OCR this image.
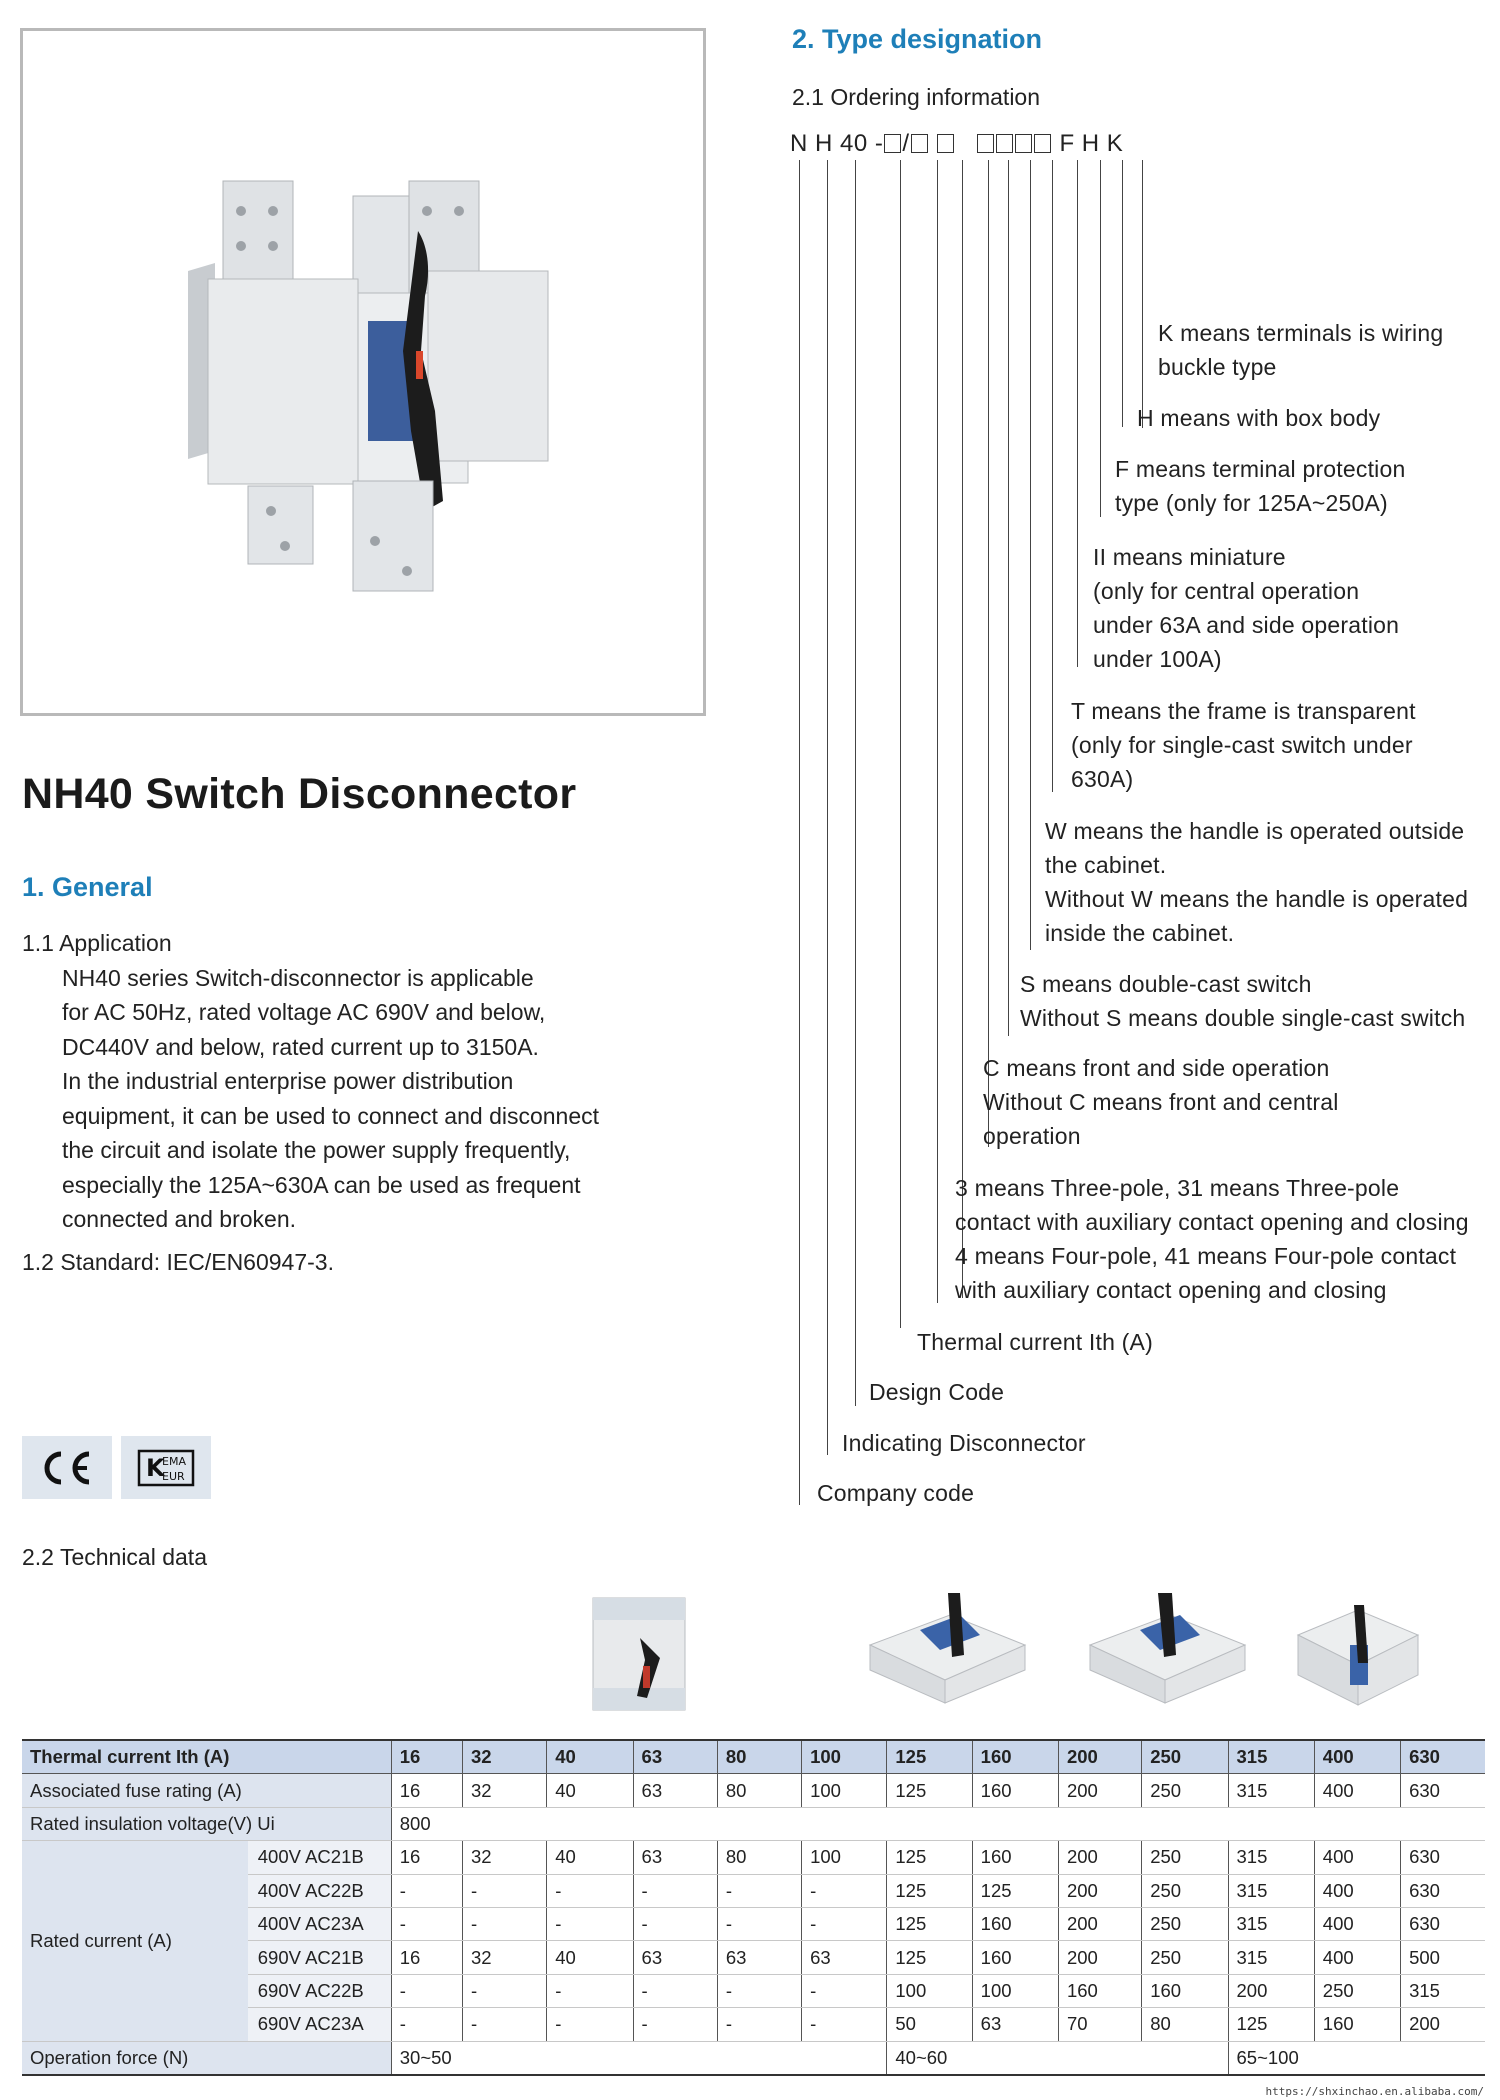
NH40 Switch Disconnector
1. General
1.1 Application
NH40 series Switch-disconnector is applicable
for AC 50Hz, rated voltage AC 690V and below,
DC440V and below, rated current up to 3150A.
In the industrial enterprise power distribution
equipment, it can be used to connect and disconnect
the circuit and isolate the power supply frequently,
especially the 125A~630A can be used as frequent
connected and broken.
1.2 Standard: IEC/EN60947-3.
K
EMA
EUR
2. Type designation
2.1 Ordering information
N H 40 - /	F H K
K means terminals is wiring
buckle type
H means with box body
F means terminal protection
type (only for 125A~250A)
II means miniature
(only for central operation
under 63A and side operation
under 100A)
T means the frame is transparent
(only for single-cast switch under
630A)
W means the handle is operated outside
the cabinet.
Without W means the handle is operated
inside the cabinet.
S means double-cast switch
Without S means double single-cast switch
C means front and side operation
Without C means front and central
operation
3 means Three-pole, 31 means Three-pole
contact with auxiliary contact opening and closing
4 means Four-pole, 41 means Four-pole contact
with auxiliary contact opening and closing
Thermal current Ith (A)
Design Code
Indicating Disconnector
Company code
2.2 Technical data
Thermal current Ith (A)		16	32	40	63	80	100	125	160	200	250	315	400	630
Associated fuse rating (A)		16	32	40	63	80	100	125	160	200	250	315	400	630
Rated insulation voltage(V) Ui		800												
Rated current (A)	400V AC21B	16	32	40	63	80	100	125	160	200	250	315	400	630
	400V AC22B	-	-	-	-	-	-	125	125	200	250	315	400	630
	400V AC23A	-	-	-	-	-	-	125	160	200	250	315	400	630
	690V AC21B	16	32	40	63	63	63	125	160	200	250	315	400	500
	690V AC22B	-	-	-	-	-	-	100	100	160	160	200	250	315
	690V AC23A	-	-	-	-	-	-	50	63	70	80	125	160	200
Operation force (N)		30~50						40~60				65~100		
https://shxinchao.en.alibaba.com/
